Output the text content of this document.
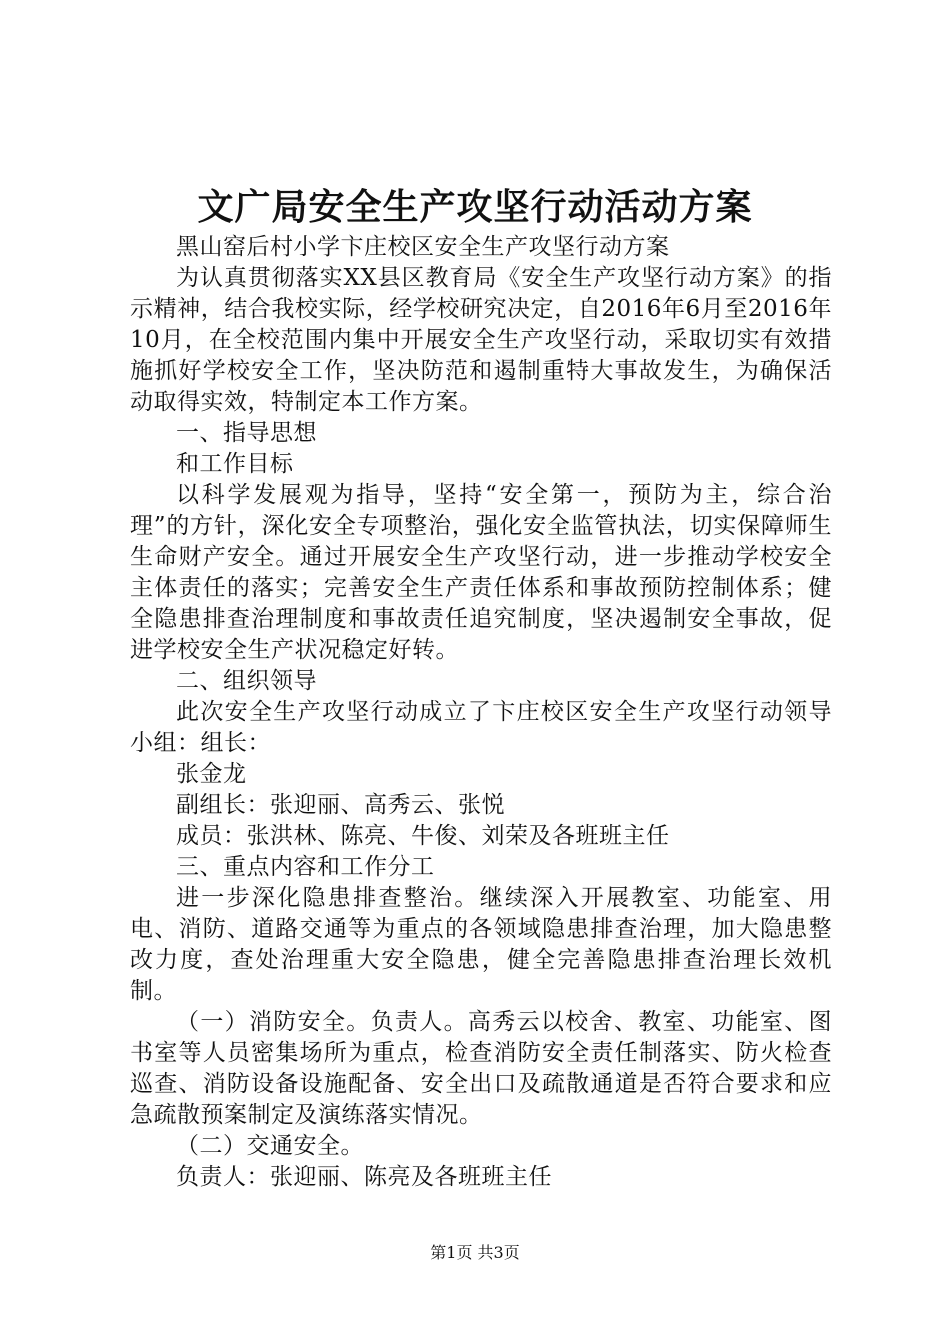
文广局安全生产攻坚行动活动方案

黑山窑后村小学卞庄校区安全生产攻坚行动方案

为认真贯彻落实XX县区教育局《安全生产攻坚行动方案》的指示精神，结合我校实际，经学校研究决定，自2016年6月至2016年10月，在全校范围内集中开展安全生产攻坚行动，采取切实有效措施抓好学校安全工作，坚决防范和遏制重特大事故发生，为确保活动取得实效，特制定本工作方案。

一、指导思想

和工作目标

以科学发展观为指导，坚持“安全第一，预防为主，综合治理”的方针，深化安全专项整治，强化安全监管执法，切实保障师生生命财产安全。通过开展安全生产攻坚行动，进一步推动学校安全主体责任的落实；完善安全生产责任体系和事故预防控制体系；健全隐患排查治理制度和事故责任追究制度，坚决遏制安全事故，促进学校安全生产状况稳定好转。

二、组织领导

此次安全生产攻坚行动成立了卞庄校区安全生产攻坚行动领导小组：组长：

张金龙

副组长：张迎丽、高秀云、张悦

成员：张洪林、陈亮、牛俊、刘荣及各班班主任

三、重点内容和工作分工

进一步深化隐患排查整治。继续深入开展教室、功能室、用电、消防、道路交通等为重点的各领域隐患排查治理，加大隐患整改力度，查处治理重大安全隐患，健全完善隐患排查治理长效机制。

（一）消防安全。负责人。高秀云以校舍、教室、功能室、图书室等人员密集场所为重点，检查消防安全责任制落实、防火检查巡查、消防设备设施配备、安全出口及疏散通道是否符合要求和应急疏散预案制定及演练落实情况。

（二）交通安全。

负责人：张迎丽、陈亮及各班班主任

第1页 共3页
